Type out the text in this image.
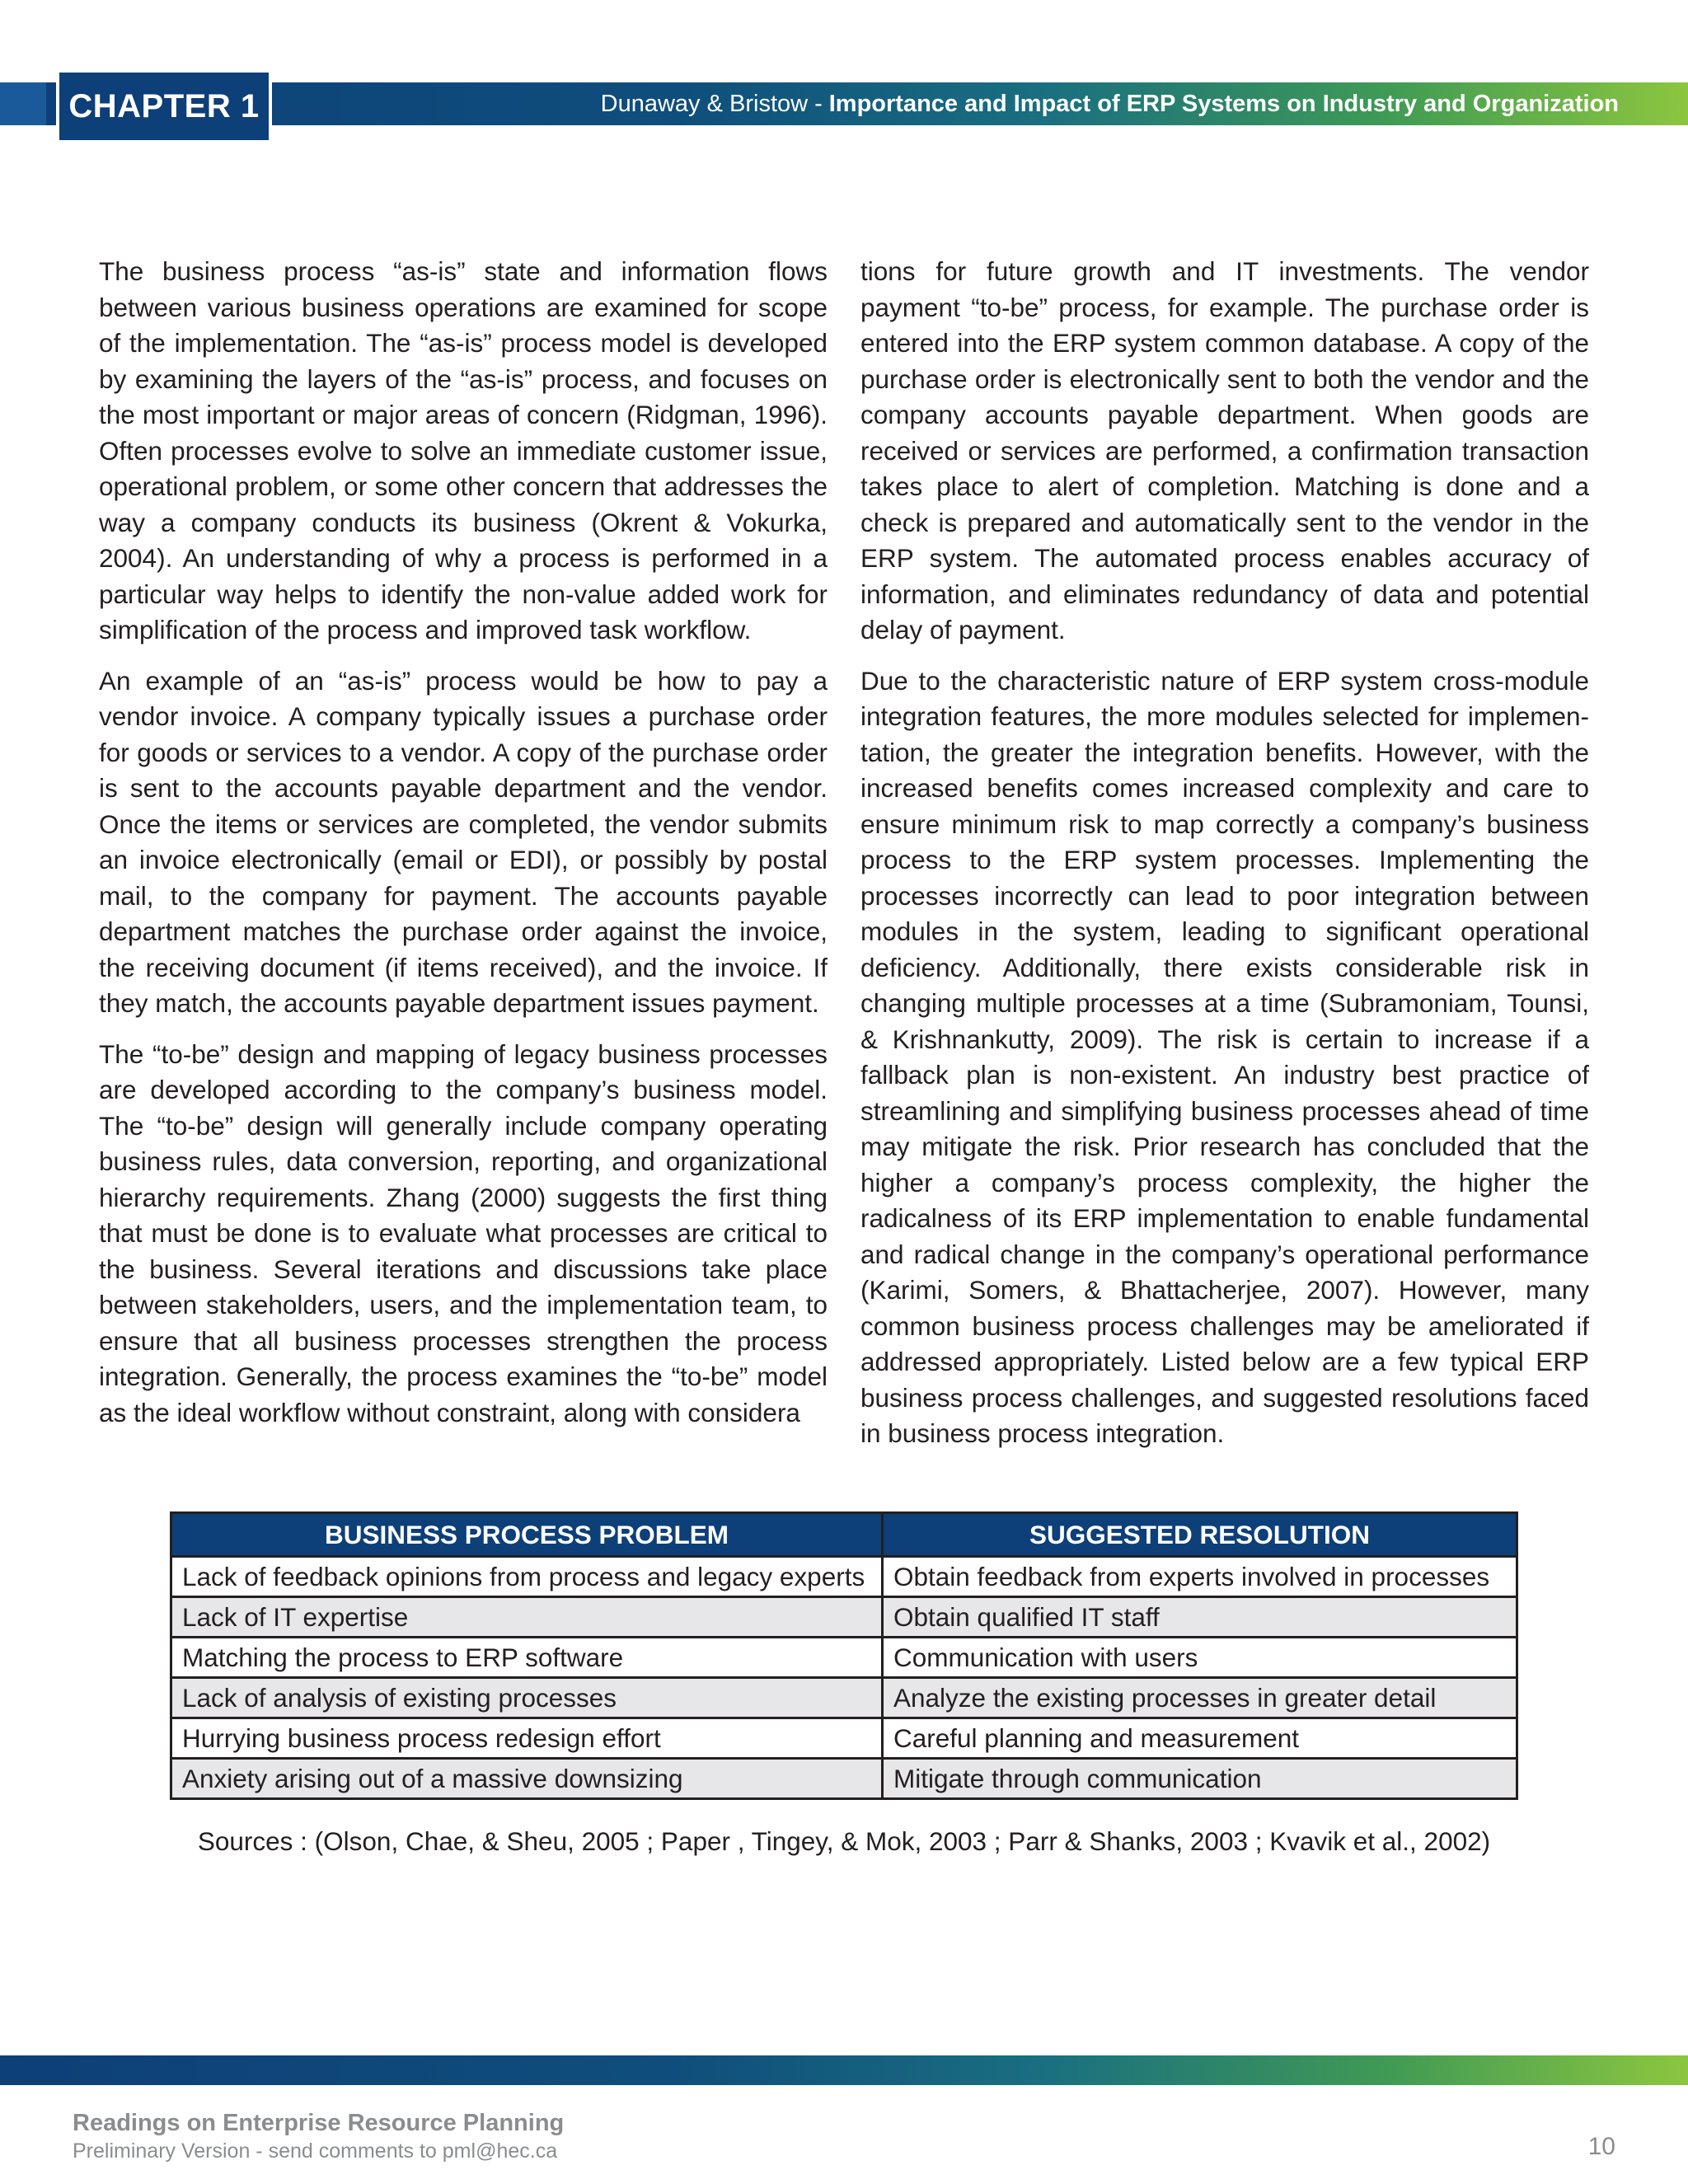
CHAPTER 1	Dunaway & Bristow - Importance and Impact of ERP Systems on Industry and Organization

The business process “as-is” state and information flows between various business operations are examined for scope of the implementation. The “as-is” process model is developed by examining the layers of the “as-is” process, and focuses on the most important or major areas of concern (Ridgman, 1996). Often processes evolve to solve an immediate customer issue, operational problem, or some other concern that addresses the way a company conducts its business (Okrent & Vokurka, 2004). An understanding of why a process is performed in a particular way helps to identify the non-value added work for simplification of the process and improved task workflow.

An example of an “as-is” process would be how to pay a vendor invoice. A company typically issues a purchase order for goods or services to a vendor. A copy of the purchase order is sent to the accounts payable department and the vendor. Once the items or services are completed, the vendor submits an invoice electronically (email or EDI), or possibly by postal mail, to the company for payment. The accounts payable department matches the purchase order against the invoice, the receiving document (if items received), and the invoice. If they match, the accounts payable department issues payment.

The “to-be” design and mapping of legacy business processes are developed according to the company’s business model. The “to-be” design will generally include company operating business rules, data conversion, reporting, and organizational hierarchy requirements. Zhang (2000) suggests the first thing that must be done is to evaluate what processes are critical to the business. Several iterations and discussions take place between stakeholders, users, and the implementation team, to ensure that all business processes strengthen the process integration. Generally, the process examines the “to-be” model as the ideal workflow without constraint, along with considera

tions for future growth and IT investments. The vendor payment “to-be” process, for example. The purchase order is entered into the ERP system common database. A copy of the purchase order is electronically sent to both the vendor and the company accounts payable department. When goods are received or services are performed, a confirmation transaction takes place to alert of completion. Matching is done and a check is prepared and automatically sent to the vendor in the ERP system. The automated process enables accuracy of information, and eliminates redundancy of data and potential delay of payment.

Due to the characteristic nature of ERP system cross-module integration features, the more modules selected for implementation, the greater the integration benefits. However, with the increased benefits comes increased complexity and care to ensure minimum risk to map correctly a company’s business process to the ERP system processes. Implementing the processes incorrectly can lead to poor integration between modules in the system, leading to significant operational deficiency. Additionally, there exists considerable risk in changing multiple processes at a time (Subramoniam, Tounsi, & Krishnankutty, 2009). The risk is certain to increase if a fallback plan is non-existent. An industry best practice of streamlining and simplifying business processes ahead of time may mitigate the risk. Prior research has concluded that the higher a company’s process complexity, the higher the radicalness of its ERP implementation to enable fundamental and radical change in the company’s operational performance (Karimi, Somers, & Bhattacherjee, 2007). However, many common business process challenges may be ameliorated if addressed appropriately. Listed below are a few typical ERP business process challenges, and suggested resolutions faced in business process integration.

BUSINESS PROCESS PROBLEM	SUGGESTED RESOLUTION
Lack of feedback opinions from process and legacy experts	Obtain feedback from experts involved in processes
Lack of IT expertise	Obtain qualified IT staff
Matching the process to ERP software	Communication with users
Lack of analysis of existing processes	Analyze the existing processes in greater detail
Hurrying business process redesign effort	Careful planning and measurement
Anxiety arising out of a massive downsizing	Mitigate through communication
Sources : (Olson, Chae, & Sheu, 2005 ; Paper , Tingey, & Mok, 2003 ; Parr & Shanks, 2003 ; Kvavik et al., 2002)
Readings on Enterprise Resource Planning
Preliminary Version - send comments to pml@hec.ca	10
